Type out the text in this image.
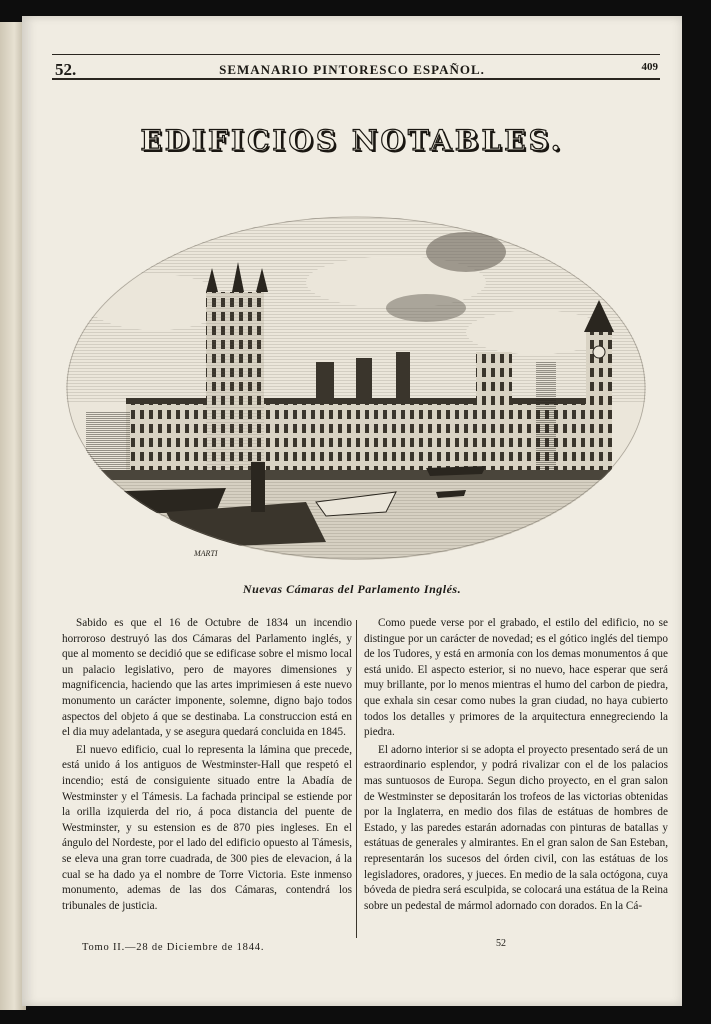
52.	SEMANARIO PINTORESCO ESPAÑOL.	409
EDIFICIOS NOTABLES.
MARTI
Nuevas Cámaras del Parlamento Inglés.

Sabido es que el 16 de Octubre de 1834 un incendio horroroso destruyó las dos Cámaras del Parlamento inglés, y que al momento se decidió que se edificase sobre el mismo local un palacio legislativo, pero de mayores dimensiones y magnificencia, haciendo que las artes imprimiesen á este nuevo monumento un carácter imponente, solemne, digno bajo todos aspectos del objeto á que se destinaba. La construccion está en el dia muy adelantada, y se asegura quedará concluida en 1845.

El nuevo edificio, cual lo representa la lámina que precede, está unido á los antiguos de Westminster-Hall que respetó el incendio; está de consiguiente situado entre la Abadía de Westminster y el Támesis. La fachada principal se estiende por la orilla izquierda del rio, á poca distancia del puente de Westminster, y su estension es de 870 pies ingleses. En el ángulo del Nordeste, por el lado del edificio opuesto al Támesis, se eleva una gran torre cuadrada, de 300 pies de elevacion, á la cual se ha dado ya el nombre de Torre Victoria. Este inmenso monumento, ademas de las dos Cámaras, contendrá los tribunales de justicia.

Como puede verse por el grabado, el estilo del edificio, no se distingue por un carácter de novedad; es el gótico inglés del tiempo de los Tudores, y está en armonía con los demas monumentos á que está unido. El aspecto esterior, si no nuevo, hace esperar que será muy brillante, por lo menos mientras el humo del carbon de piedra, que exhala sin cesar como nubes la gran ciudad, no haya cubierto todos los detalles y primores de la arquitectura ennegreciendo la piedra.

El adorno interior si se adopta el proyecto presentado será de un estraordinario esplendor, y podrá rivalizar con el de los palacios mas suntuosos de Europa. Segun dicho proyecto, en el gran salon de Westminster se depositarán los trofeos de las victorias obtenidas por la Inglaterra, en medio dos filas de estátuas de hombres de Estado, y las paredes estarán adornadas con pinturas de batallas y estátuas de generales y almirantes. En el gran salon de San Esteban, representarán los sucesos del órden civil, con las estátuas de los legisladores, oradores, y jueces. En medio de la sala octógona, cuya bóveda de piedra será esculpida, se colocará una estátua de la Reina sobre un pedestal de mármol adornado con dorados. En la Cá-

Tomo II.—28 de Diciembre de 1844.	52
